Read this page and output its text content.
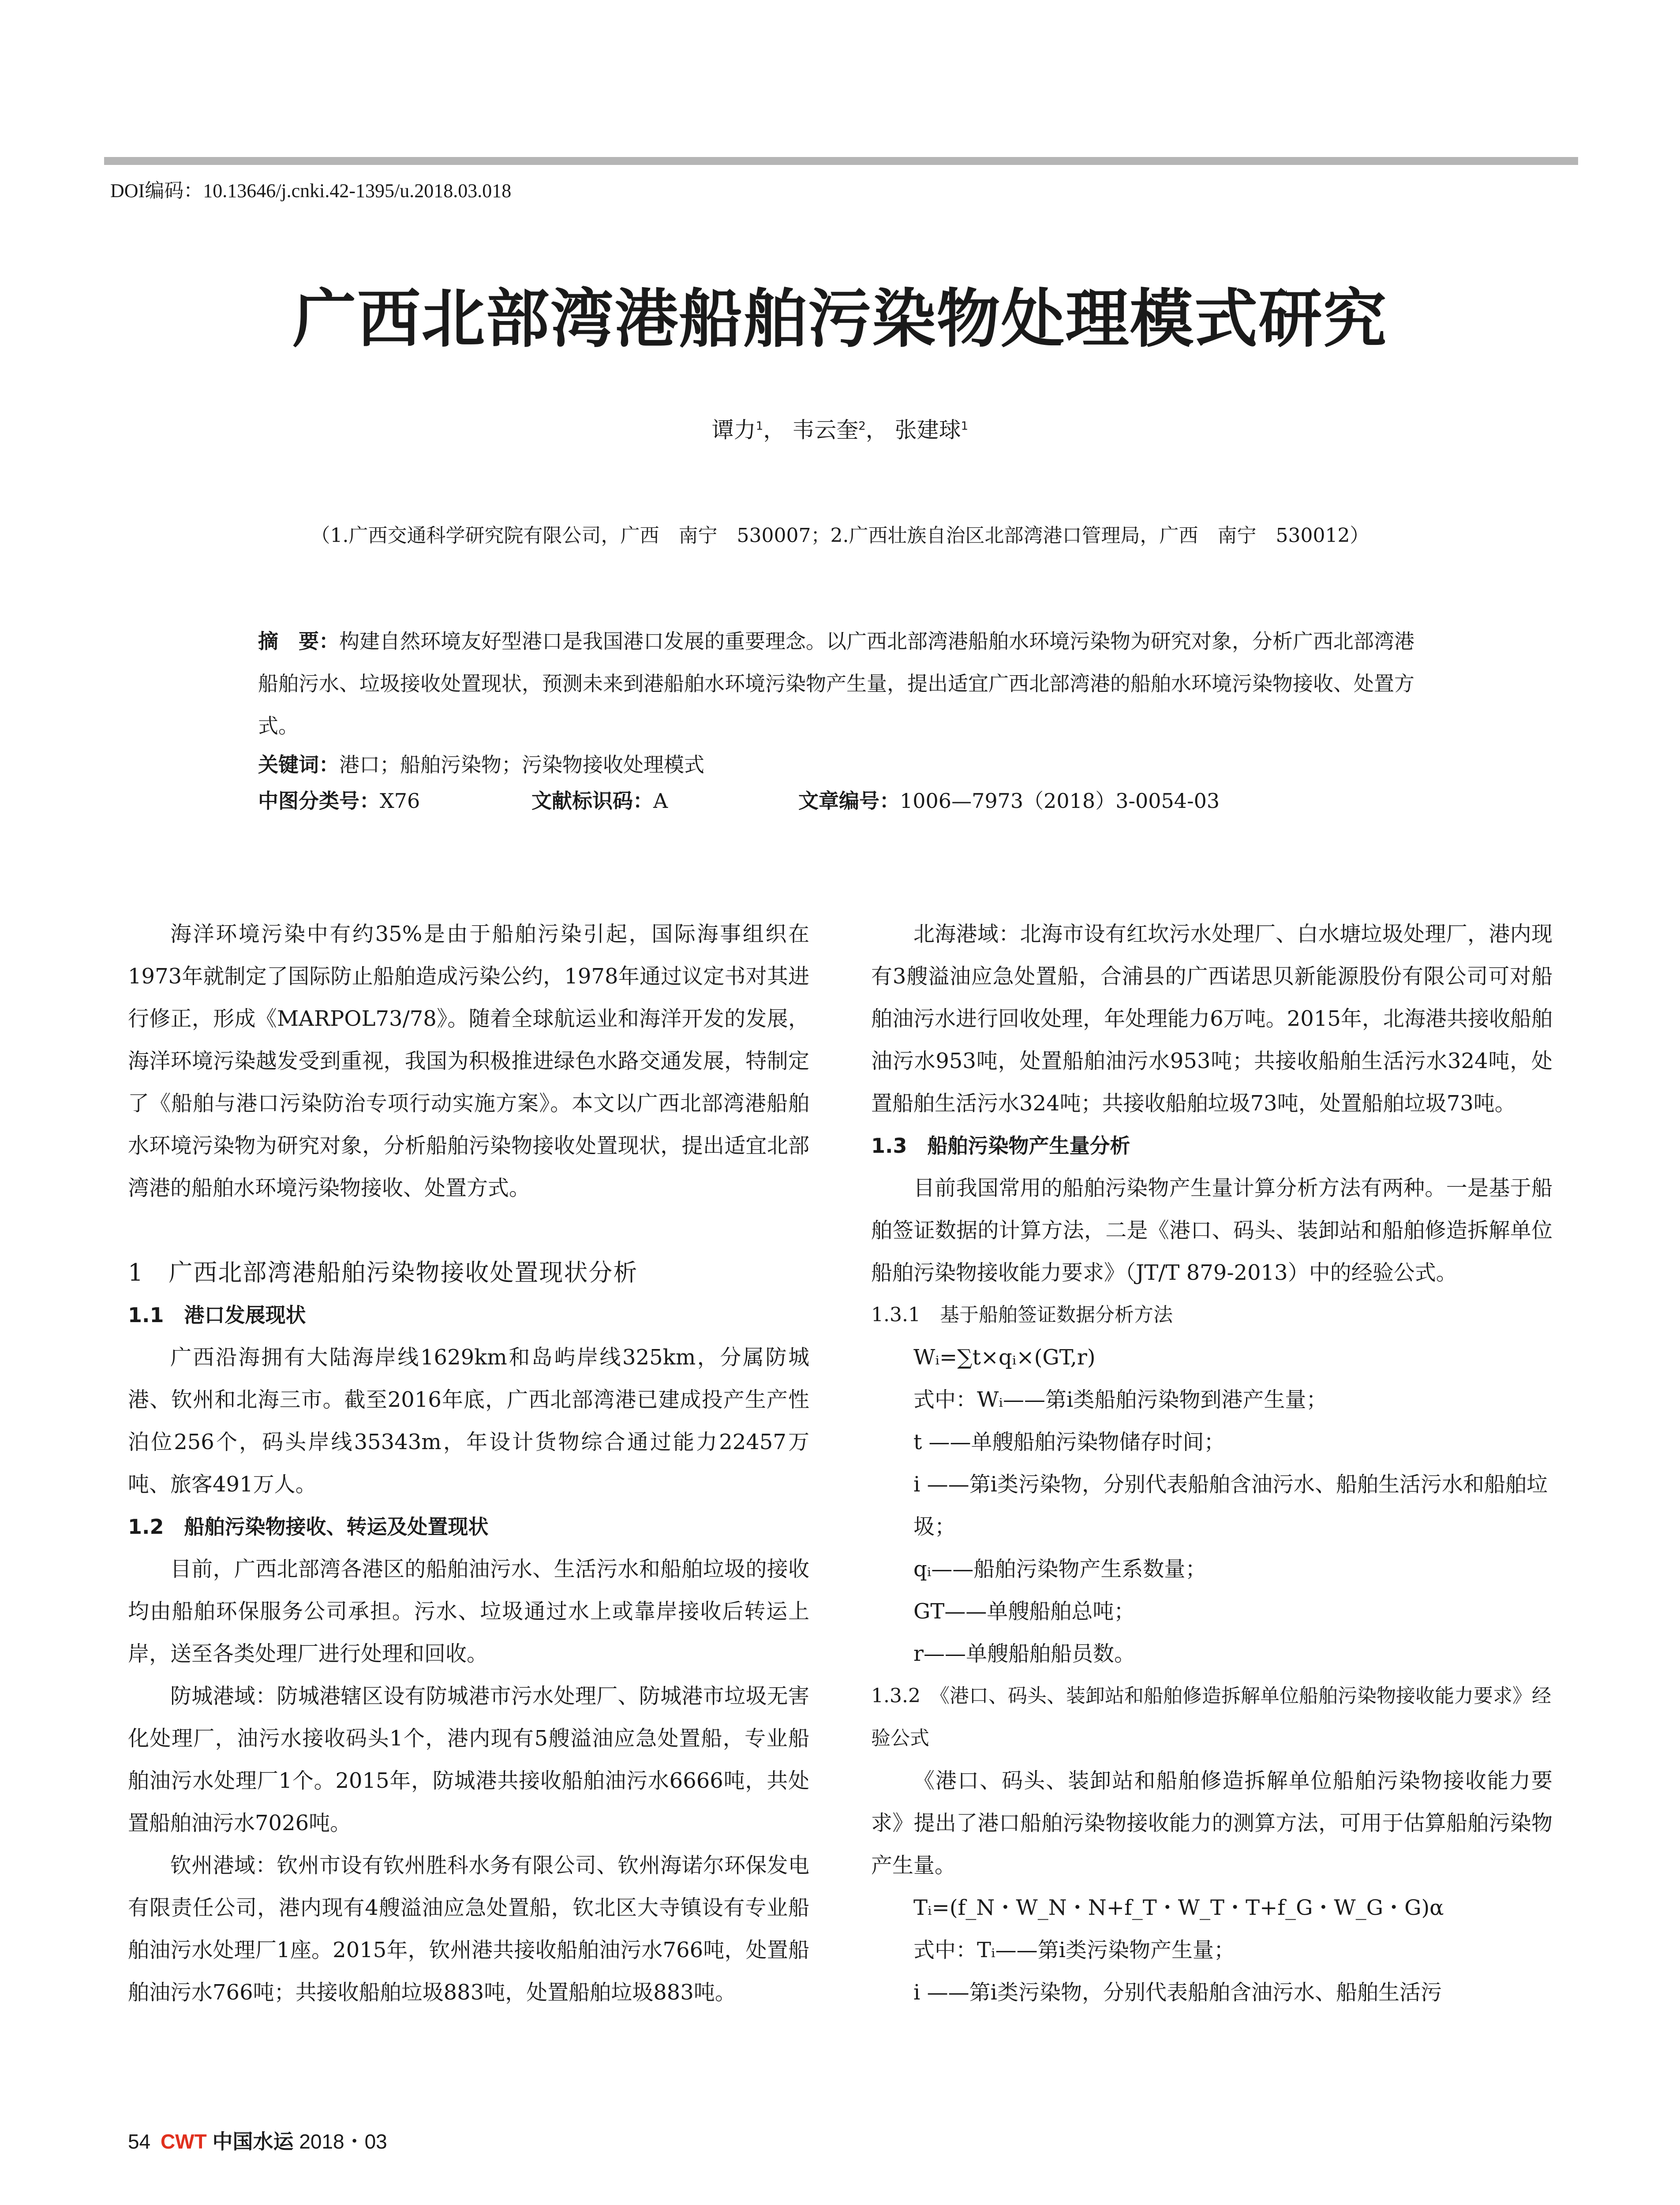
DOI编码：10.13646/j.cnki.42-1395/u.2018.03.018
广西北部湾港船舶污染物处理模式研究
谭力$^1$， 韦云奎$^2$， 张建球$^1$
（1.广西交通科学研究院有限公司，广西　南宁　530007；2.广西壮族自治区北部湾港口管理局，广西　南宁　530012）
摘　要：构建自然环境友好型港口是我国港口发展的重要理念。以广西北部湾港船舶水环境污染物为研究对象，分析广西北部湾港船舶污水、垃圾接收处置现状，预测未来到港船舶水环境污染物产生量，提出适宜广西北部湾港的船舶水环境污染物接收、处置方式。
关键词：港口；船舶污染物；污染物接收处理模式
中图分类号：X76	文献标识码：A	文章编号：1006—7973（2018）3-0054-03

海洋环境污染中有约35%是由于船舶污染引起，国际海事组织在1973年就制定了国际防止船舶造成污染公约，1978年通过议定书对其进行修正，形成《MARPOL73/78》。随着全球航运业和海洋开发的发展，海洋环境污染越发受到重视，我国为积极推进绿色水路交通发展，特制定了《船舶与港口污染防治专项行动实施方案》。本文以广西北部湾港船舶水环境污染物为研究对象，分析船舶污染物接收处置现状，提出适宜北部湾港的船舶水环境污染物接收、处置方式。

1　广西北部湾港船舶污染物接收处置现状分析
1.1　港口发展现状

广西沿海拥有大陆海岸线1629km和岛屿岸线325km，分属防城港、钦州和北海三市。截至2016年底，广西北部湾港已建成投产生产性泊位256个，码头岸线35343m，年设计货物综合通过能力22457万吨、旅客491万人。

1.2　船舶污染物接收、转运及处置现状

目前，广西北部湾各港区的船舶油污水、生活污水和船舶垃圾的接收均由船舶环保服务公司承担。污水、垃圾通过水上或靠岸接收后转运上岸，送至各类处理厂进行处理和回收。

防城港域：防城港辖区设有防城港市污水处理厂、防城港市垃圾无害化处理厂，油污水接收码头1个，港内现有5艘溢油应急处置船，专业船舶油污水处理厂1个。2015年，防城港共接收船舶油污水6666吨，共处置船舶油污水7026吨。

钦州港域：钦州市设有钦州胜科水务有限公司、钦州海诺尔环保发电有限责任公司，港内现有4艘溢油应急处置船，钦北区大寺镇设有专业船舶油污水处理厂1座。2015年，钦州港共接收船舶油污水766吨，处置船舶油污水766吨；共接收船舶垃圾883吨，处置船舶垃圾883吨。

北海港域：北海市设有红坎污水处理厂、白水塘垃圾处理厂，港内现有3艘溢油应急处置船，合浦县的广西诺思贝新能源股份有限公司可对船舶油污水进行回收处理，年处理能力6万吨。2015年，北海港共接收船舶油污水953吨，处置船舶油污水953吨；共接收船舶生活污水324吨，处置船舶生活污水324吨；共接收船舶垃圾73吨，处置船舶垃圾73吨。

1.3　船舶污染物产生量分析

目前我国常用的船舶污染物产生量计算分析方法有两种。一是基于船舶签证数据的计算方法，二是《港口、码头、装卸站和船舶修造拆解单位船舶污染物接收能力要求》（JT/T 879-2013）中的经验公式。

1.3.1　基于船舶签证数据分析方法
Wᵢ=∑t×qᵢ×(GT,r)
式中：Wᵢ——第i类船舶污染物到港产生量；
t ——单艘船舶污染物储存时间；
i ——第i类污染物，分别代表船舶含油污水、船舶生活污水和船舶垃圾；
qᵢ——船舶污染物产生系数量；
GT——单艘船舶总吨；
r——单艘船舶船员数。
1.3.2　《港口、码头、装卸站和船舶修造拆解单位船舶污染物接收能力要求》经验公式

《港口、码头、装卸站和船舶修造拆解单位船舶污染物接收能力要求》提出了港口船舶污染物接收能力的测算方法，可用于估算船舶污染物产生量。

Tᵢ=(f_N・W_N・N+f_T・W_T・T+f_G・W_G・G)α
式中：Tᵢ——第i类污染物产生量；
i ——第i类污染物，分别代表船舶含油污水、船舶生活污
54 CWT 中国水运 2018・03
